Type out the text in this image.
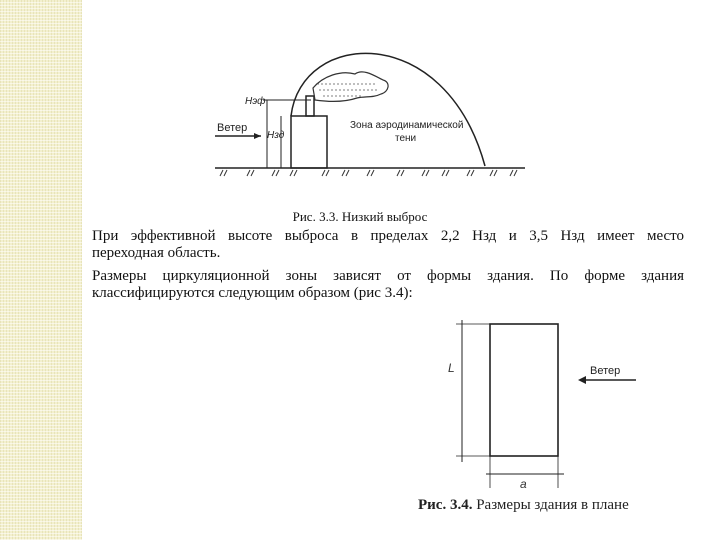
Hэф
Hзд
Ветер	Зона аэродинамической
тени
Рис. 3.3. Низкий выброс

При эффективной высоте выброса в пределах 2,2 Hзд и 3,5 Hзд имеет место
переходная область.

Размеры циркуляционной зоны зависят от формы здания. По форме здания
классифицируются следующим образом (рис 3.4):

L
a
Ветер
Рис. 3.4. Размеры здания в плане
